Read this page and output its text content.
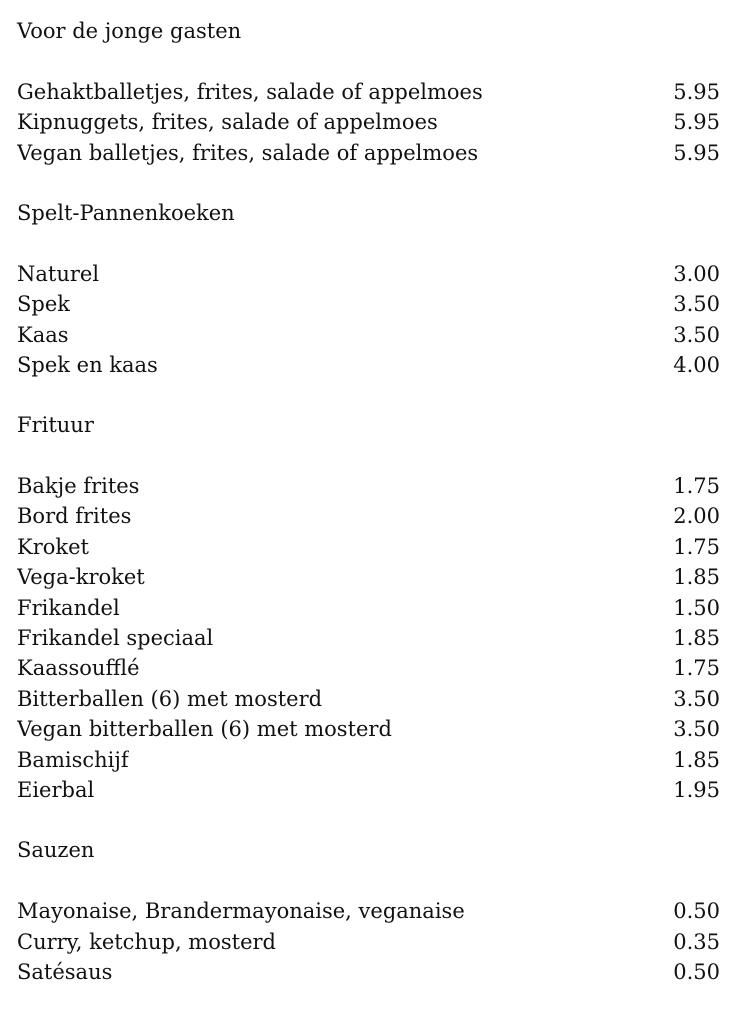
Voor de jonge gasten
Gehaktballetjes, frites, salade of appelmoes	5.95
Kipnuggets, frites, salade of appelmoes	5.95
Vegan balletjes, frites, salade of appelmoes	5.95
Spelt-Pannenkoeken
Naturel	3.00
Spek	3.50
Kaas	3.50
Spek en kaas	4.00
Frituur
Bakje frites	1.75
Bord frites	2.00
Kroket	1.75
Vega-kroket	1.85
Frikandel	1.50
Frikandel speciaal	1.85
Kaassoufflé	1.75
Bitterballen (6) met mosterd	3.50
Vegan bitterballen (6) met mosterd	3.50
Bamischijf	1.85
Eierbal	1.95
Sauzen
Mayonaise, Brandermayonaise, veganaise	0.50
Curry, ketchup, mosterd	0.35
Satésaus	0.50
